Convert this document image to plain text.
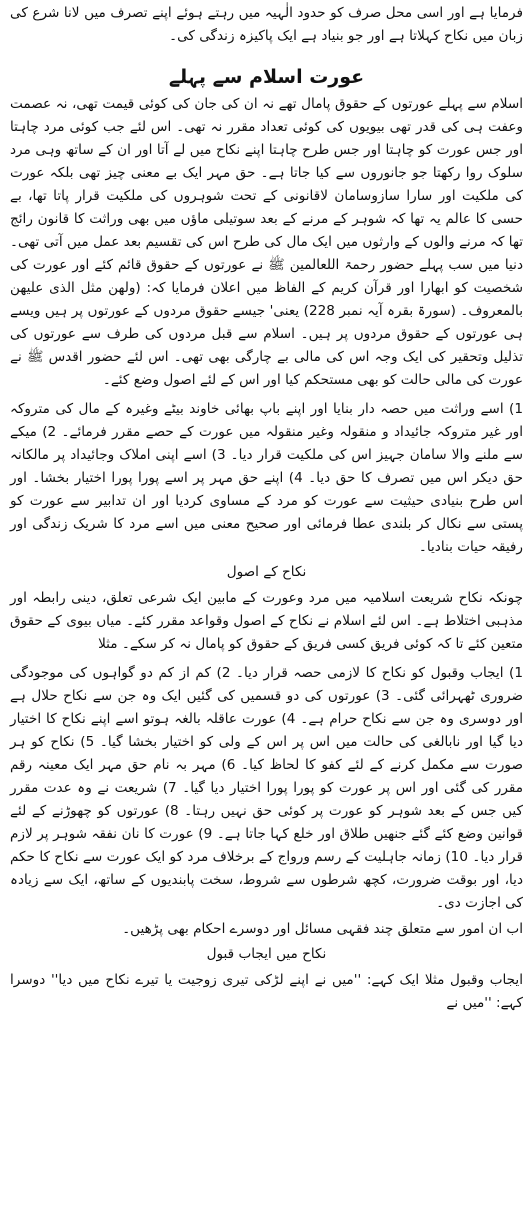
فرمایا ہے اور اسی محل صرف کو حدود الٰہیہ میں رہتے ہوئے اپنے تصرف میں لانا شرع کی زبان میں نکاح کہلاتا ہے اور جو بنیاد ہے ایک پاکیزہ زندگی کی۔

عورت اسلام سے پہلے

اسلام سے پہلے عورتوں کے حقوق پامال تھے نہ ان کی جان کی کوئی قیمت تھی، نہ عصمت وعفت ہی کی قدر تھی بیویوں کی کوئی تعداد مقرر نہ تھی۔ اس لئے جب کوئی مرد چاہتا اور جس عورت کو چاہتا اور جس طرح چاہتا اپنے نکاح میں لے آتا اور ان کے ساتھ وہی مرد سلوک روا رکھتا جو جانوروں سے کیا جاتا ہے۔ حق مہر ایک بے معنی چیز تھی بلکہ عورت کی ملکیت اور سارا سازوسامان لاقانونی کے تحت شوہروں کی ملکیت قرار پاتا تھا، بے حسی کا عالم یہ تھا کہ شوہر کے مرنے کے بعد سوتیلی ماؤں میں بھی وراثت کا قانون رائج تھا کہ مرنے والوں کے وارثوں میں ایک مال کی طرح اس کی تقسیم بعد عمل میں آتی تھی۔ دنیا میں سب پہلے حضور رحمۃ اللعالمین ﷺ نے عورتوں کے حقوق قائم کئے اور عورت کی شخصیت کو ابھارا اور قرآن کریم کے الفاظ میں اعلان فرمایا کہ: (ولھن مثل الذی علیھن بالمعروف۔ (سورۃ بقرہ آیہ نمبر 228) یعنی' جیسے حقوق مردوں کے عورتوں پر ہیں ویسے ہی عورتوں کے حقوق مردوں پر ہیں۔ اسلام سے قبل مردوں کی طرف سے عورتوں کی تذلیل وتحقیر کی ایک وجہ اس کی مالی بے چارگی بھی تھی۔ اس لئے حضور اقدس ﷺ نے عورت کی مالی حالت کو بھی مستحکم کیا اور اس کے لئے اصول وضع کئے۔

1) اسے وراثت میں حصہ دار بنایا اور اپنے باپ بھائی خاوند بیٹے وغیرہ کے مال کی متروکہ اور غیر متروکہ جائیداد و منقولہ وغیر منقولہ میں عورت کے حصے مقرر فرمائے۔ 2) میکے سے ملنے والا سامان جہیز اس کی ملکیت قرار دیا۔ 3) اسے اپنی املاک وجائیداد پر مالکانہ حق دیکر اس میں تصرف کا حق دیا۔ 4) اپنے حق مہر پر اسے پورا پورا اختیار بخشا۔ اور اس طرح بنیادی حیثیت سے عورت کو مرد کے مساوی کردیا اور ان تدابیر سے عورت کو پستی سے نکال کر بلندی عطا فرمائی اور صحیح معنی میں اسے مرد کا شریک زندگی اور رفیقہ حیات بنادیا۔

نکاح کے اصول

چونکہ نکاح شریعت اسلامیہ میں مرد وعورت کے مابین ایک شرعی تعلق، دینی رابطہ اور مذہبی اختلاط ہے۔ اس لئے اسلام نے نکاح کے اصول وقواعد مقرر کئے۔ میاں بیوی کے حقوق متعین کئے تا کہ کوئی فریق کسی فریق کے حقوق کو پامال نہ کر سکے۔ مثلا

1) ایجاب وقبول کو نکاح کا لازمی حصہ قرار دیا۔ 2) کم از کم دو گواہوں کی موجودگی ضروری ٹھہرائی گئی۔ 3) عورتوں کی دو قسمیں کی گئیں ایک وہ جن سے نکاح حلال ہے اور دوسری وہ جن سے نکاح حرام ہے۔ 4) عورت عاقلہ بالغہ ہوتو اسے اپنے نکاح کا اختیار دیا گیا اور نابالغی کی حالت میں اس پر اس کے ولی کو اختیار بخشا گیا۔ 5) نکاح کو ہر صورت سے مکمل کرنے کے لئے کفو کا لحاظ کیا۔ 6) مہر بہ نام حق مہر ایک معینہ رقم مقرر کی گئی اور اس پر عورت کو پورا پورا اختیار دیا گیا۔ 7) شریعت نے وہ عدت مقرر کیں جس کے بعد شوہر کو عورت پر کوئی حق نہیں رہتا۔ 8) عورتوں کو چھوڑنے کے لئے قوانین وضع کئے گئے جنھیں طلاق اور خلع کہا جاتا ہے۔ 9) عورت کا نان نفقہ شوہر پر لازم قرار دیا۔ 10) زمانہ جاہلیت کے رسم ورواج کے برخلاف مرد کو ایک عورت سے نکاح کا حکم دیا، اور بوقت ضرورت، کچھ شرطوں سے شروط، سخت پابندیوں کے ساتھ، ایک سے زیادہ کی اجازت دی۔

اب ان امور سے متعلق چند فقہی مسائل اور دوسرے احکام بھی پڑھیں۔

نکاح میں ایجاب قبول

ایجاب وقبول مثلا ایک کہے: ''میں نے اپنے لڑکی تیری زوجیت یا تیرے نکاح میں دیا'' دوسرا کہے: ''میں نے
